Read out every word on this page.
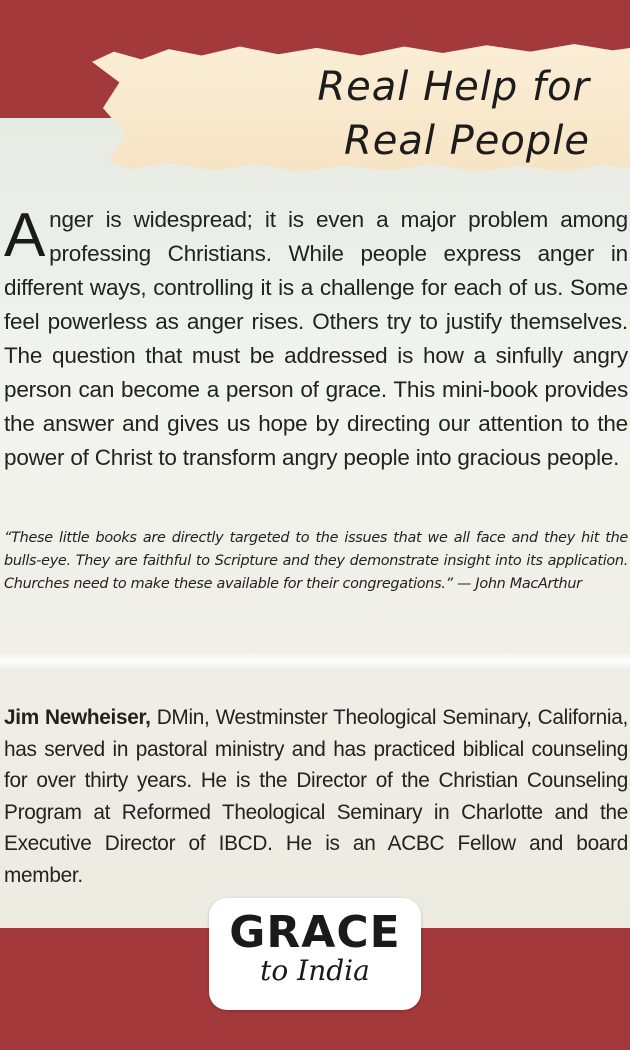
Real Help for
Real People
Anger is widespread; it is even a major problem among professing Christians. While people express anger in different ways, controlling it is a challenge for each of us. Some feel powerless as anger rises. Others try to justify themselves. The question that must be addressed is how a sinfully angry person can become a person of grace. This mini-book provides the answer and gives us hope by directing our attention to the power of Christ to transform angry people into gracious people.
“These little books are directly targeted to the issues that we all face and they hit the bulls-eye. They are faithful to Scripture and they demonstrate insight into its application. Churches need to make these available for their congregations.” — John MacArthur
Jim Newheiser, DMin, Westminster Theological Seminary, California, has served in pastoral ministry and has practiced biblical counseling for over thirty years. He is the Director of the Christian Counseling Program at Reformed Theological Seminary in Charlotte and the Executive Director of IBCD. He is an ACBC Fellow and board member.
GRACE
to India
